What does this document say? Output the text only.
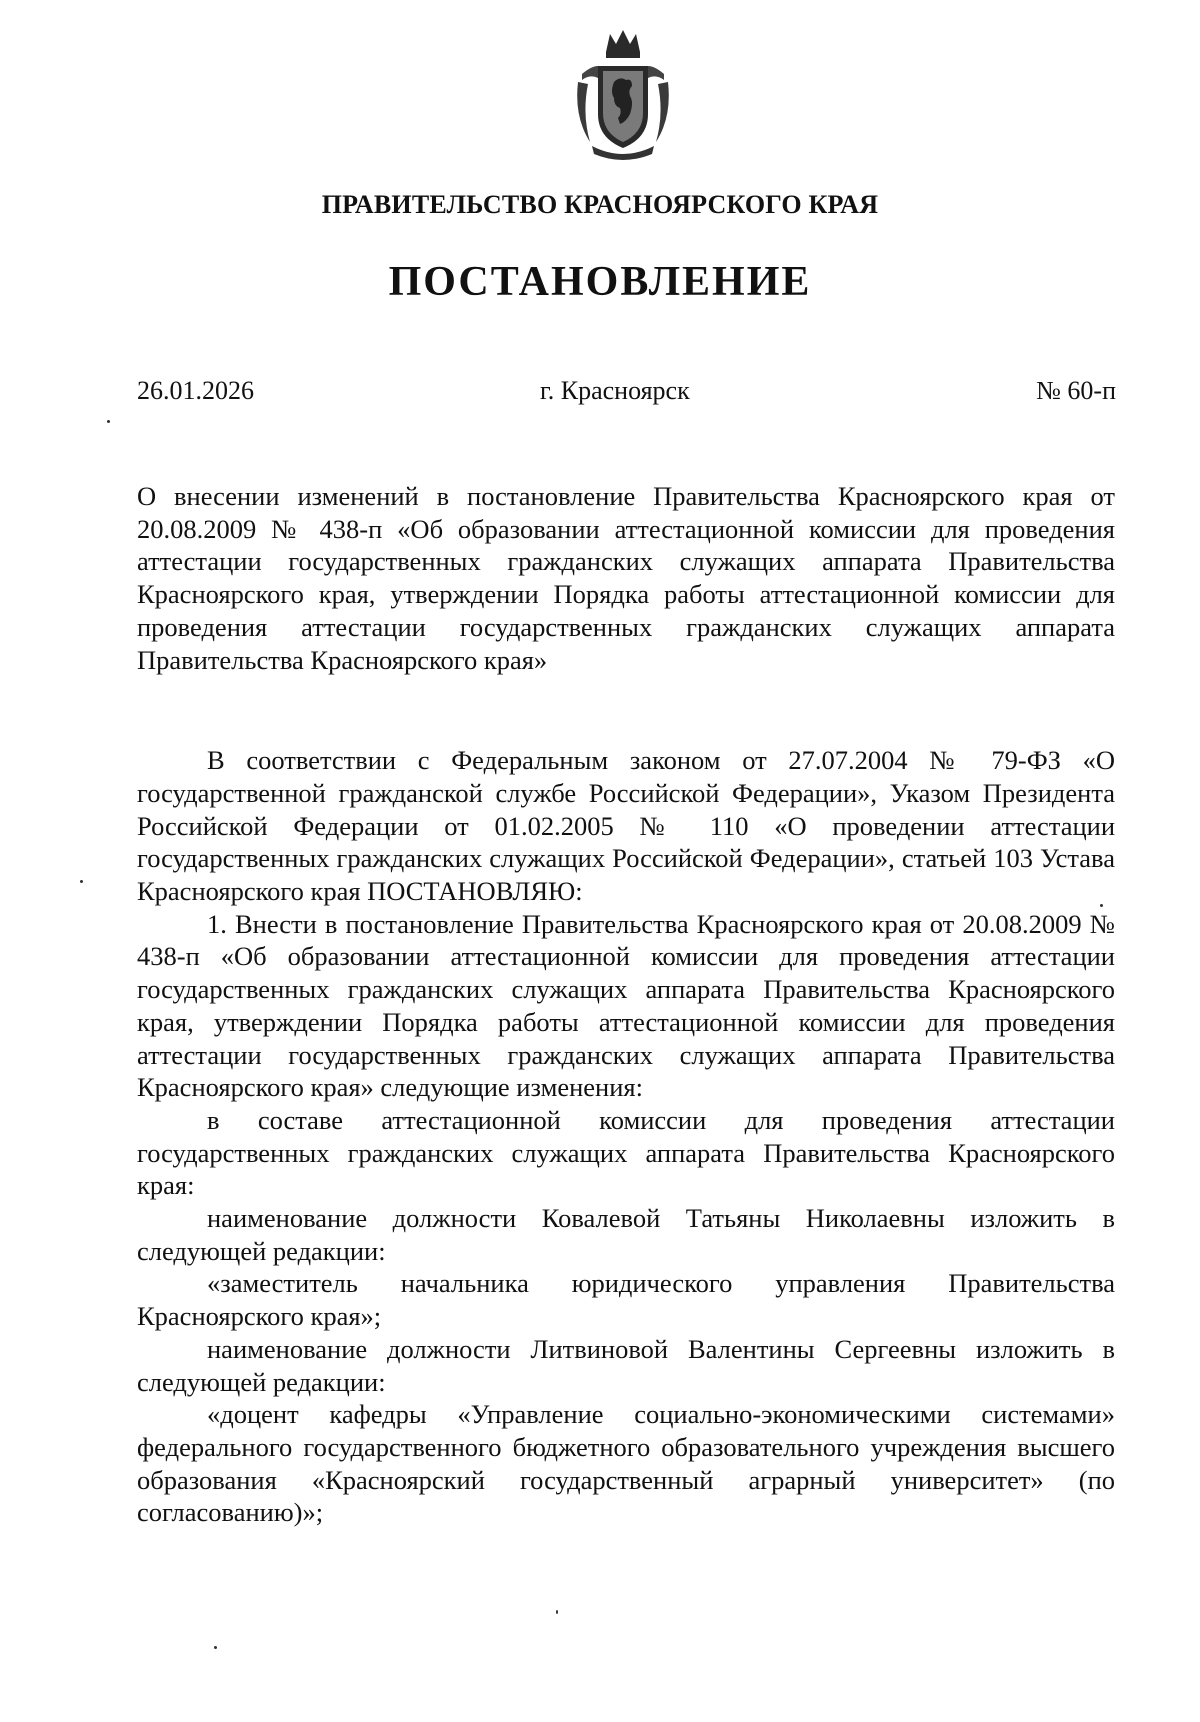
ПРАВИТЕЛЬСТВО КРАСНОЯРСКОГО КРАЯ
ПОСТАНОВЛЕНИЕ
26.01.2026	г. Красноярск	№ 60-п
О внесении изменений в постановление Правительства Красноярского края от 20.08.2009 № 438-п «Об образовании аттестационной комиссии для проведения аттестации государственных гражданских служащих аппарата Правительства Красноярского края, утверждении Порядка работы аттестационной комиссии для проведения аттестации государственных гражданских служащих аппарата Правительства Красноярского края»

В соответствии с Федеральным законом от 27.07.2004 № 79-ФЗ «О государственной гражданской службе Российской Федерации», Указом Президента Российской Федерации от 01.02.2005 № 110 «О проведении аттестации государственных гражданских служащих Российской Федерации», статьей 103 Устава Красноярского края ПОСТАНОВЛЯЮ:

1. Внести в постановление Правительства Красноярского края от 20.08.2009 № 438-п «Об образовании аттестационной комиссии для проведения аттестации государственных гражданских служащих аппарата Правительства Красноярского края, утверждении Порядка работы аттестационной комиссии для проведения аттестации государственных гражданских служащих аппарата Правительства Красноярского края» следующие изменения:

в составе аттестационной комиссии для проведения аттестации государственных гражданских служащих аппарата Правительства Красноярского края:

наименование должности Ковалевой Татьяны Николаевны изложить в следующей редакции:

«заместитель начальника юридического управления Правительства Красноярского края»;

наименование должности Литвиновой Валентины Сергеевны изложить в следующей редакции:

«доцент кафедры «Управление социально-экономическими системами» федерального государственного бюджетного образовательного учреждения высшего образования «Красноярский государственный аграрный университет» (по согласованию)»;
